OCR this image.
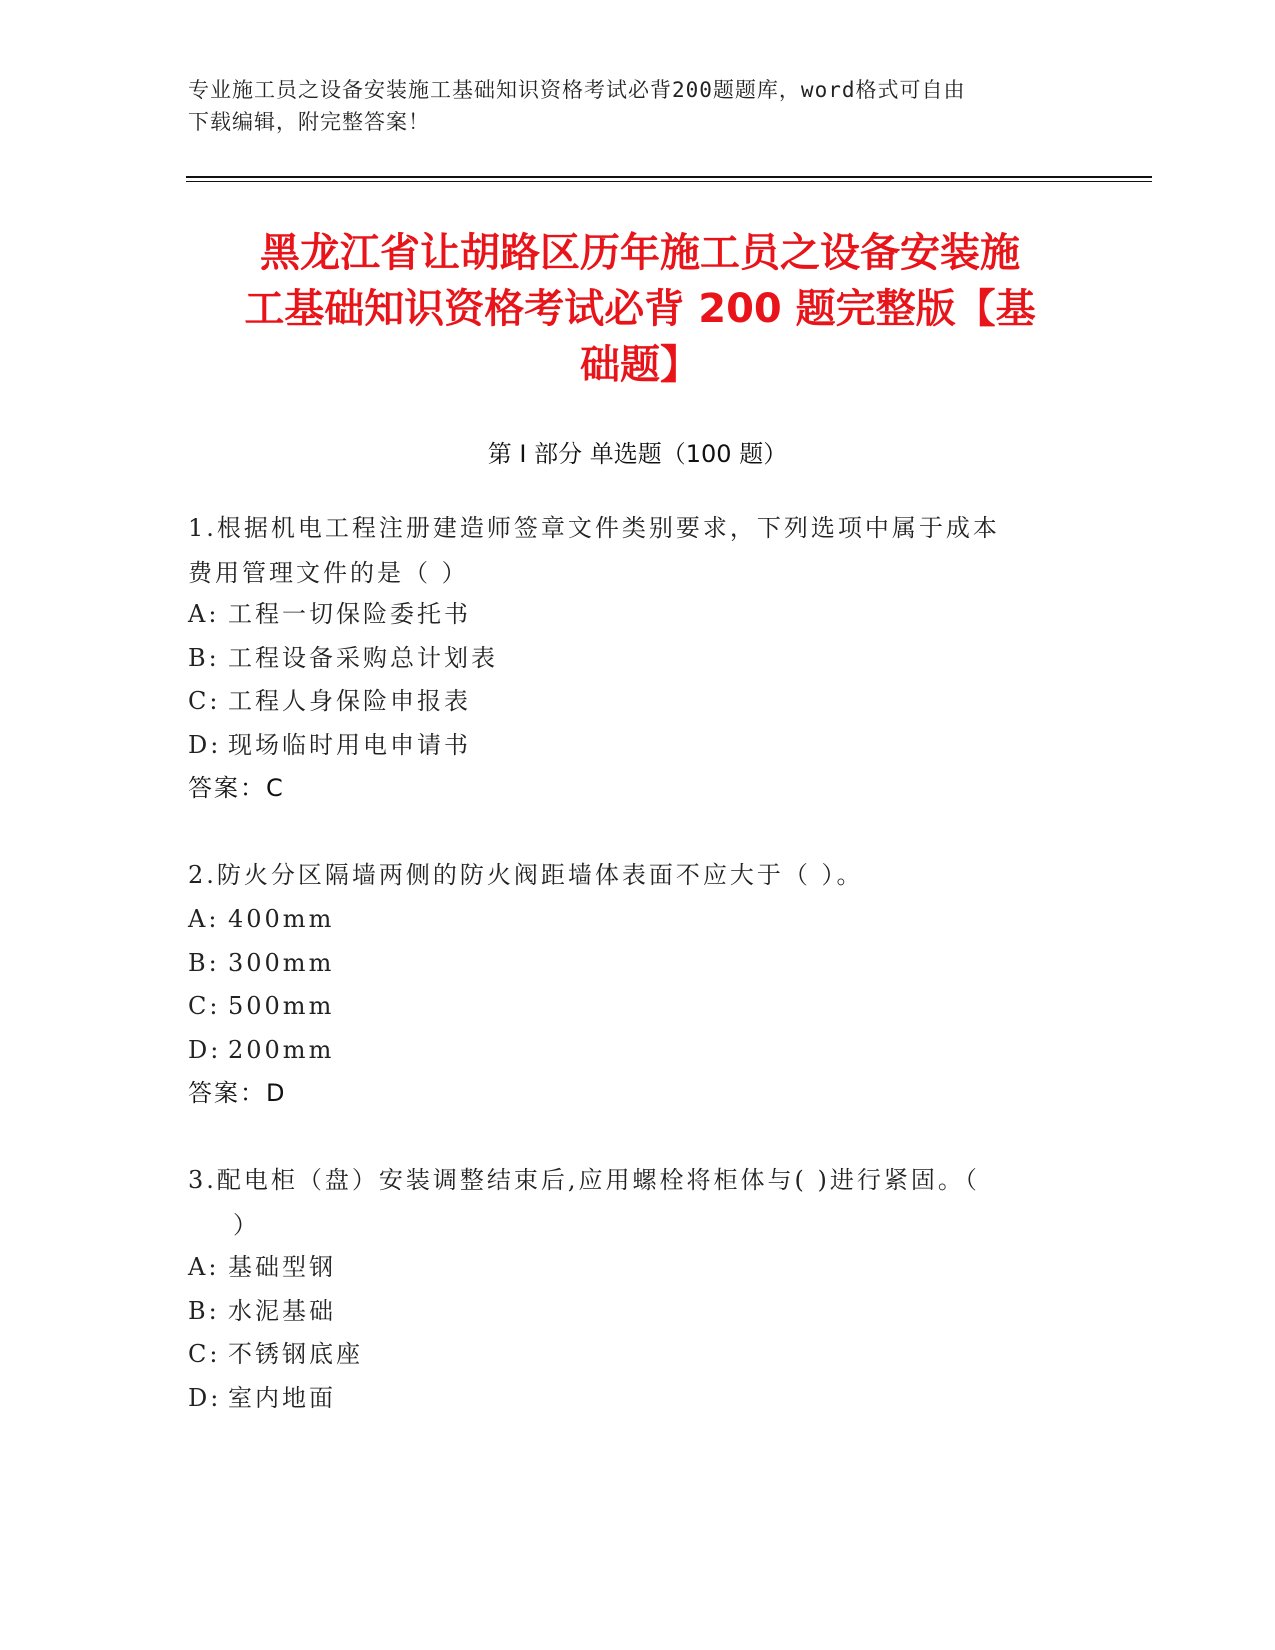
专业施工员之设备安装施工基础知识资格考试必背200题题库，word格式可自由
下载编辑，附完整答案！
黑龙江省让胡路区历年施工员之设备安装施
工基础知识资格考试必背 200 题完整版【基
础题】
第 I 部分 单选题（100 题）
1.根据机电工程注册建造师签章文件类别要求，下列选项中属于成本
费用管理文件的是（ ）
A: 工程一切保险委托书
B: 工程设备采购总计划表
C: 工程人身保险申报表
D: 现场临时用电申请书
答案：C
2.防火分区隔墙两侧的防火阀距墙体表面不应大于（ ）。
A: 400mm
B: 300mm
C: 500mm
D: 200mm
答案：D
3.配电柜（盘）安装调整结束后,应用螺栓将柜体与( )进行紧固。（
）
A: 基础型钢
B: 水泥基础
C: 不锈钢底座
D: 室内地面
